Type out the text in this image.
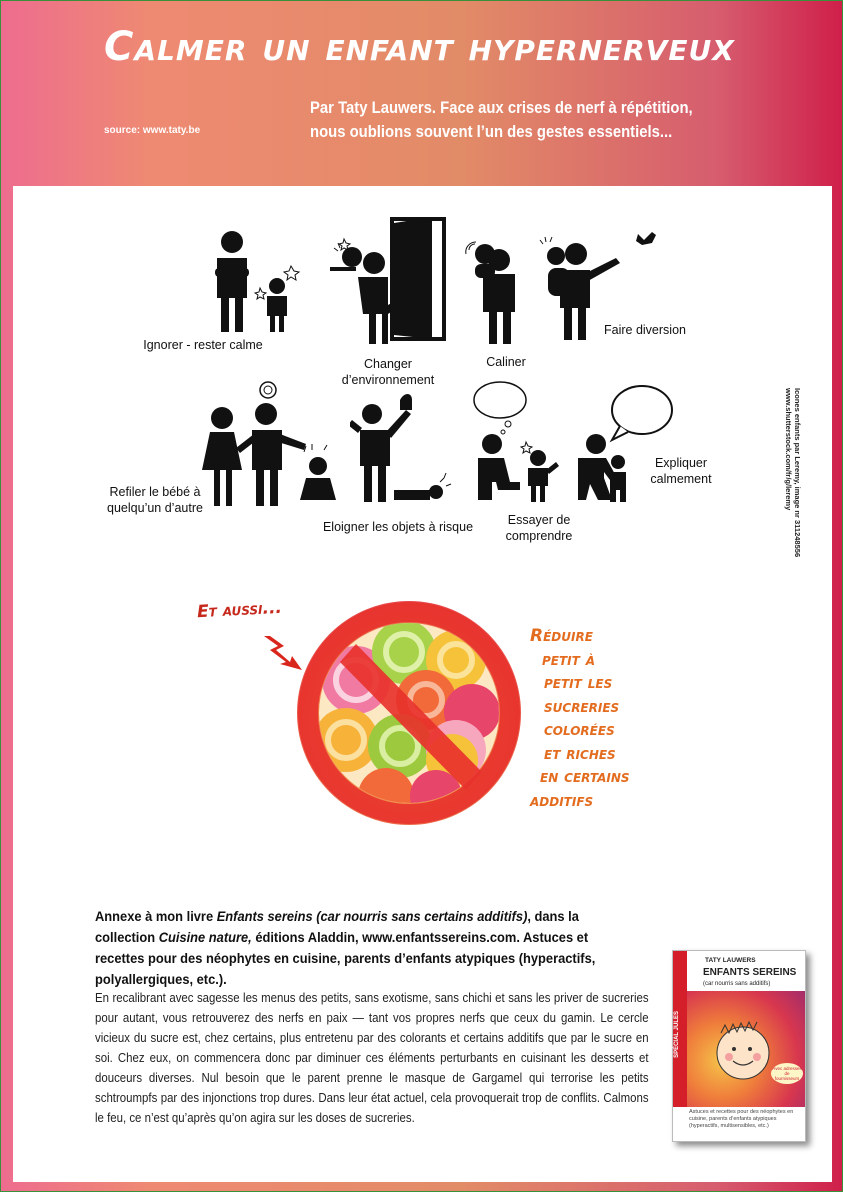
Calmer un enfant hypernerveux
source: www.taty.be
Par Taty Lauwers. Face aux crises de nerf à répétition,
nous oublions souvent l’un des gestes essentiels...
Ignorer - rester calme
Changer
d’environnement
Caliner
Faire diversion
Refiler le bébé à
quelqu’un d’autre
Eloigner les objets à risque	Essayer de
comprendre
Expliquer
calmement	Icones enfants par Leremy, image nr 311248556
www.shutterstock.com/fr/g/leremy
Et aussi...
Réduire
petit à
petit les
sucreries
colorées
et riches
en certains
additifs
Annexe à mon livre Enfants sereins (car nourris sans certains additifs), dans la collection Cuisine nature, éditions Aladdin, www.enfantssereins.com. Astuces et recettes pour des néophytes en cuisine, parents d’enfants atypiques (hyperactifs, polyallergiques, etc.).
En recalibrant avec sagesse les menus des petits, sans exotisme, sans chichi et sans les priver de sucreries pour autant, vous retrouverez des nerfs en paix — tant vos propres nerfs que ceux du gamin. Le cercle vicieux du sucre est, chez certains, plus entretenu par des colorants et certains additifs que par le sucre en soi. Chez eux, on commencera donc par diminuer ces éléments perturbants en cuisinant les desserts et douceurs diverses. Nul besoin que le parent prenne le masque de Gargamel qui terrorise les petits schtroumpfs par des injonctions trop dures. Dans leur état actuel, cela provoquerait trop de conflits. Calmons le feu, ce n’est qu’après qu’on agira sur les doses de sucreries.
SPÉCIAL JULES
TATY LAUWERS
ENFANTS SEREINS
(car nourris sans additifs)
Avec adresses de fournisseurs
Astuces et recettes pour des néophytes en cuisine, parents d’enfants atypiques (hyperactifs, multisensibles, etc.)
